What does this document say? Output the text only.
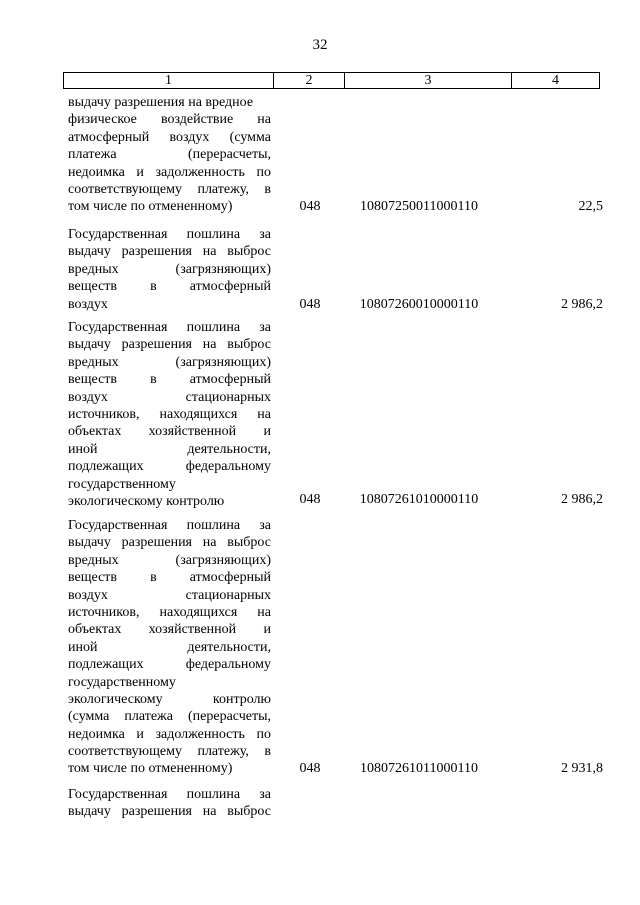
32
1	2	3	4
выдачу разрешения на вредное
физическое воздействие на
атмосферный воздух (сумма
платежа (перерасчеты,
недоимка и задолженность по
соответствующему платежу, в
том числе по отмененному)	048	10807250011000110	22,5
Государственная пошлина за
выдачу разрешения на выброс
вредных (загрязняющих)
веществ в атмосферный
воздух	048	10807260010000110	2 986,2
Государственная пошлина за
выдачу разрешения на выброс
вредных (загрязняющих)
веществ в атмосферный
воздух стационарных
источников, находящихся на
объектах хозяйственной и
иной деятельности,
подлежащих федеральному
государственному
экологическому контролю	048	10807261010000110	2 986,2
Государственная пошлина за
выдачу разрешения на выброс
вредных (загрязняющих)
веществ в атмосферный
воздух стационарных
источников, находящихся на
объектах хозяйственной и
иной деятельности,
подлежащих федеральному
государственному
экологическому контролю
(сумма платежа (перерасчеты,
недоимка и задолженность по
соответствующему платежу, в
том числе по отмененному)	048	10807261011000110	2 931,8
Государственная пошлина за
выдачу разрешения на выброс
